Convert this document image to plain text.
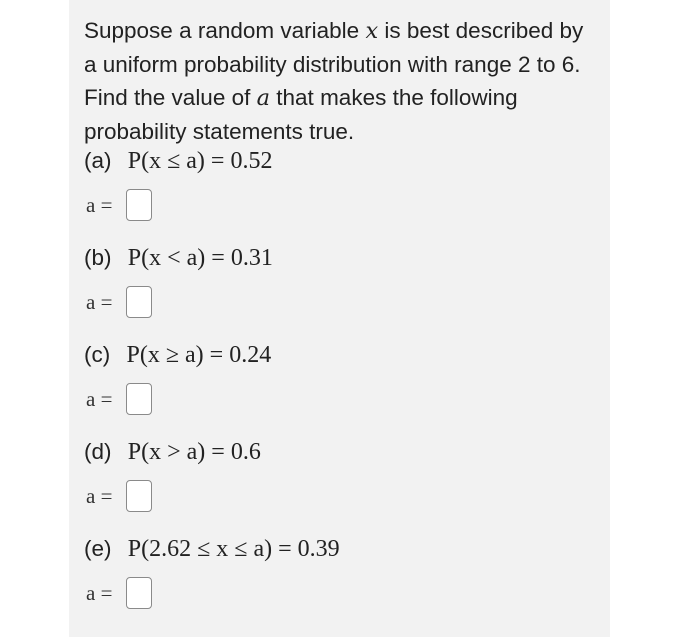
Suppose a random variable x is best described by a uniform probability distribution with range 2 to 6. Find the value of a that makes the following probability statements true.
(a) P(x ≤ a) = 0.52
a =
(b) P(x < a) = 0.31
a =
(c) P(x ≥ a) = 0.24
a =
(d) P(x > a) = 0.6
a =
(e) P(2.62 ≤ x ≤ a) = 0.39
a =
